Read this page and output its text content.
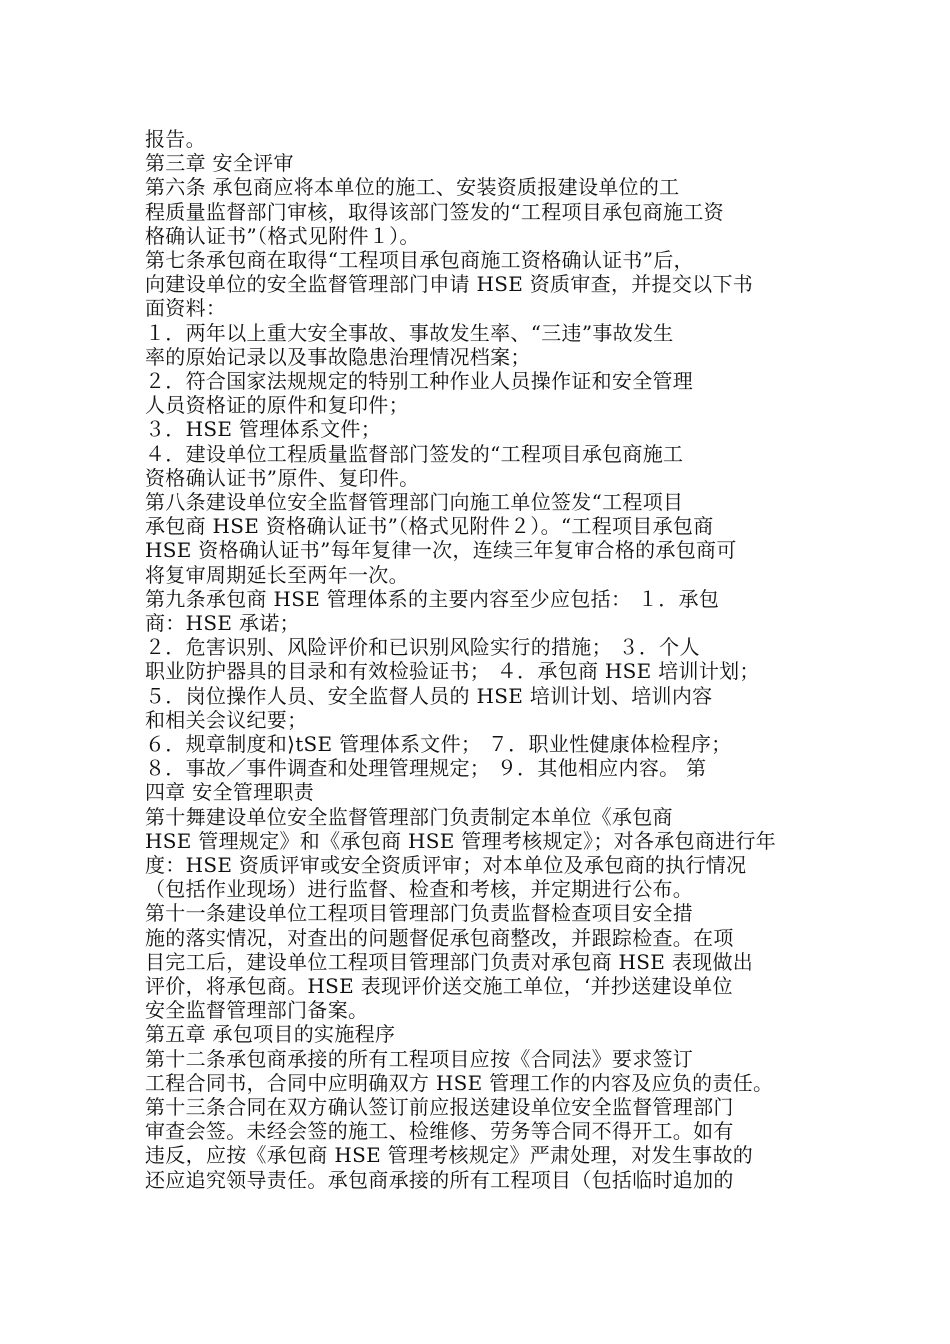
报告。
第三章 安全评审
第六条 承包商应将本单位的施工、安装资质报建设单位的工
程质量监督部门审核，取得该部门签发的“工程项目承包商施工资
格确认证书”（格式见附件１）。
第七条承包商在取得“工程项目承包商施工资格确认证书”后，
向建设单位的安全监督管理部门申请 HSE 资质审查，并提交以下书
面资料：
１．两年以上重大安全事故、事故发生率、“三违”事故发生
率的原始记录以及事故隐患治理情况档案；
２．符合国家法规规定的特别工种作业人员操作证和安全管理
人员资格证的原件和复印件；
３．HSE 管理体系文件；
４．建设单位工程质量监督部门签发的“工程项目承包商施工
资格确认证书”原件、复印件。
第八条建设单位安全监督管理部门向施工单位签发“工程项目
承包商 HSE 资格确认证书”（格式见附件２）。“工程项目承包商
HSE 资格确认证书”每年复律一次，连续三年复审合格的承包商可
将复审周期延长至两年一次。
第九条承包商 HSE 管理体系的主要内容至少应包括： １．承包
商：HSE 承诺；
２．危害识别、风险评价和已识别风险实行的措施； ３．个人
职业防护器具的目录和有效检验证书； ４．承包商 HSE 培训计划；
５．岗位操作人员、安全监督人员的 HSE 培训计划、培训内容
和相关会议纪要；
６．规章制度和⟩tSE 管理体系文件； ７．职业性健康体检程序；
８．事故／事件调查和处理管理规定； ９．其他相应内容。 第
四章 安全管理职责
第十舞建设单位安全监督管理部门负责制定本单位《承包商
HSE 管理规定》和《承包商 HSE 管理考核规定》；对各承包商进行年
度：HSE 资质评审或安全资质评审；对本单位及承包商的执行情况
（包括作业现场）进行监督、检查和考核，并定期进行公布。
第十一条建设单位工程项目管理部门负责监督检查项目安全措
施的落实情况，对查出的问题督促承包商整改，并跟踪检查。在项
目完工后，建设单位工程项目管理部门负责对承包商 HSE 表现做出
评价，将承包商。HSE 表现评价送交施工单位，‘并抄送建设单位
安全监督管理部门备案。
第五章 承包项目的实施程序
第十二条承包商承接的所有工程项目应按《合同法》要求签订
工程合同书，合同中应明确双方 HSE 管理工作的内容及应负的责任。
第十三条合同在双方确认签订前应报送建设单位安全监督管理部门
审查会签。未经会签的施工、检维修、劳务等合同不得开工。如有
违反，应按《承包商 HSE 管理考核规定》严肃处理，对发生事故的
还应追究领导责任。承包商承接的所有工程项目（包括临时追加的
